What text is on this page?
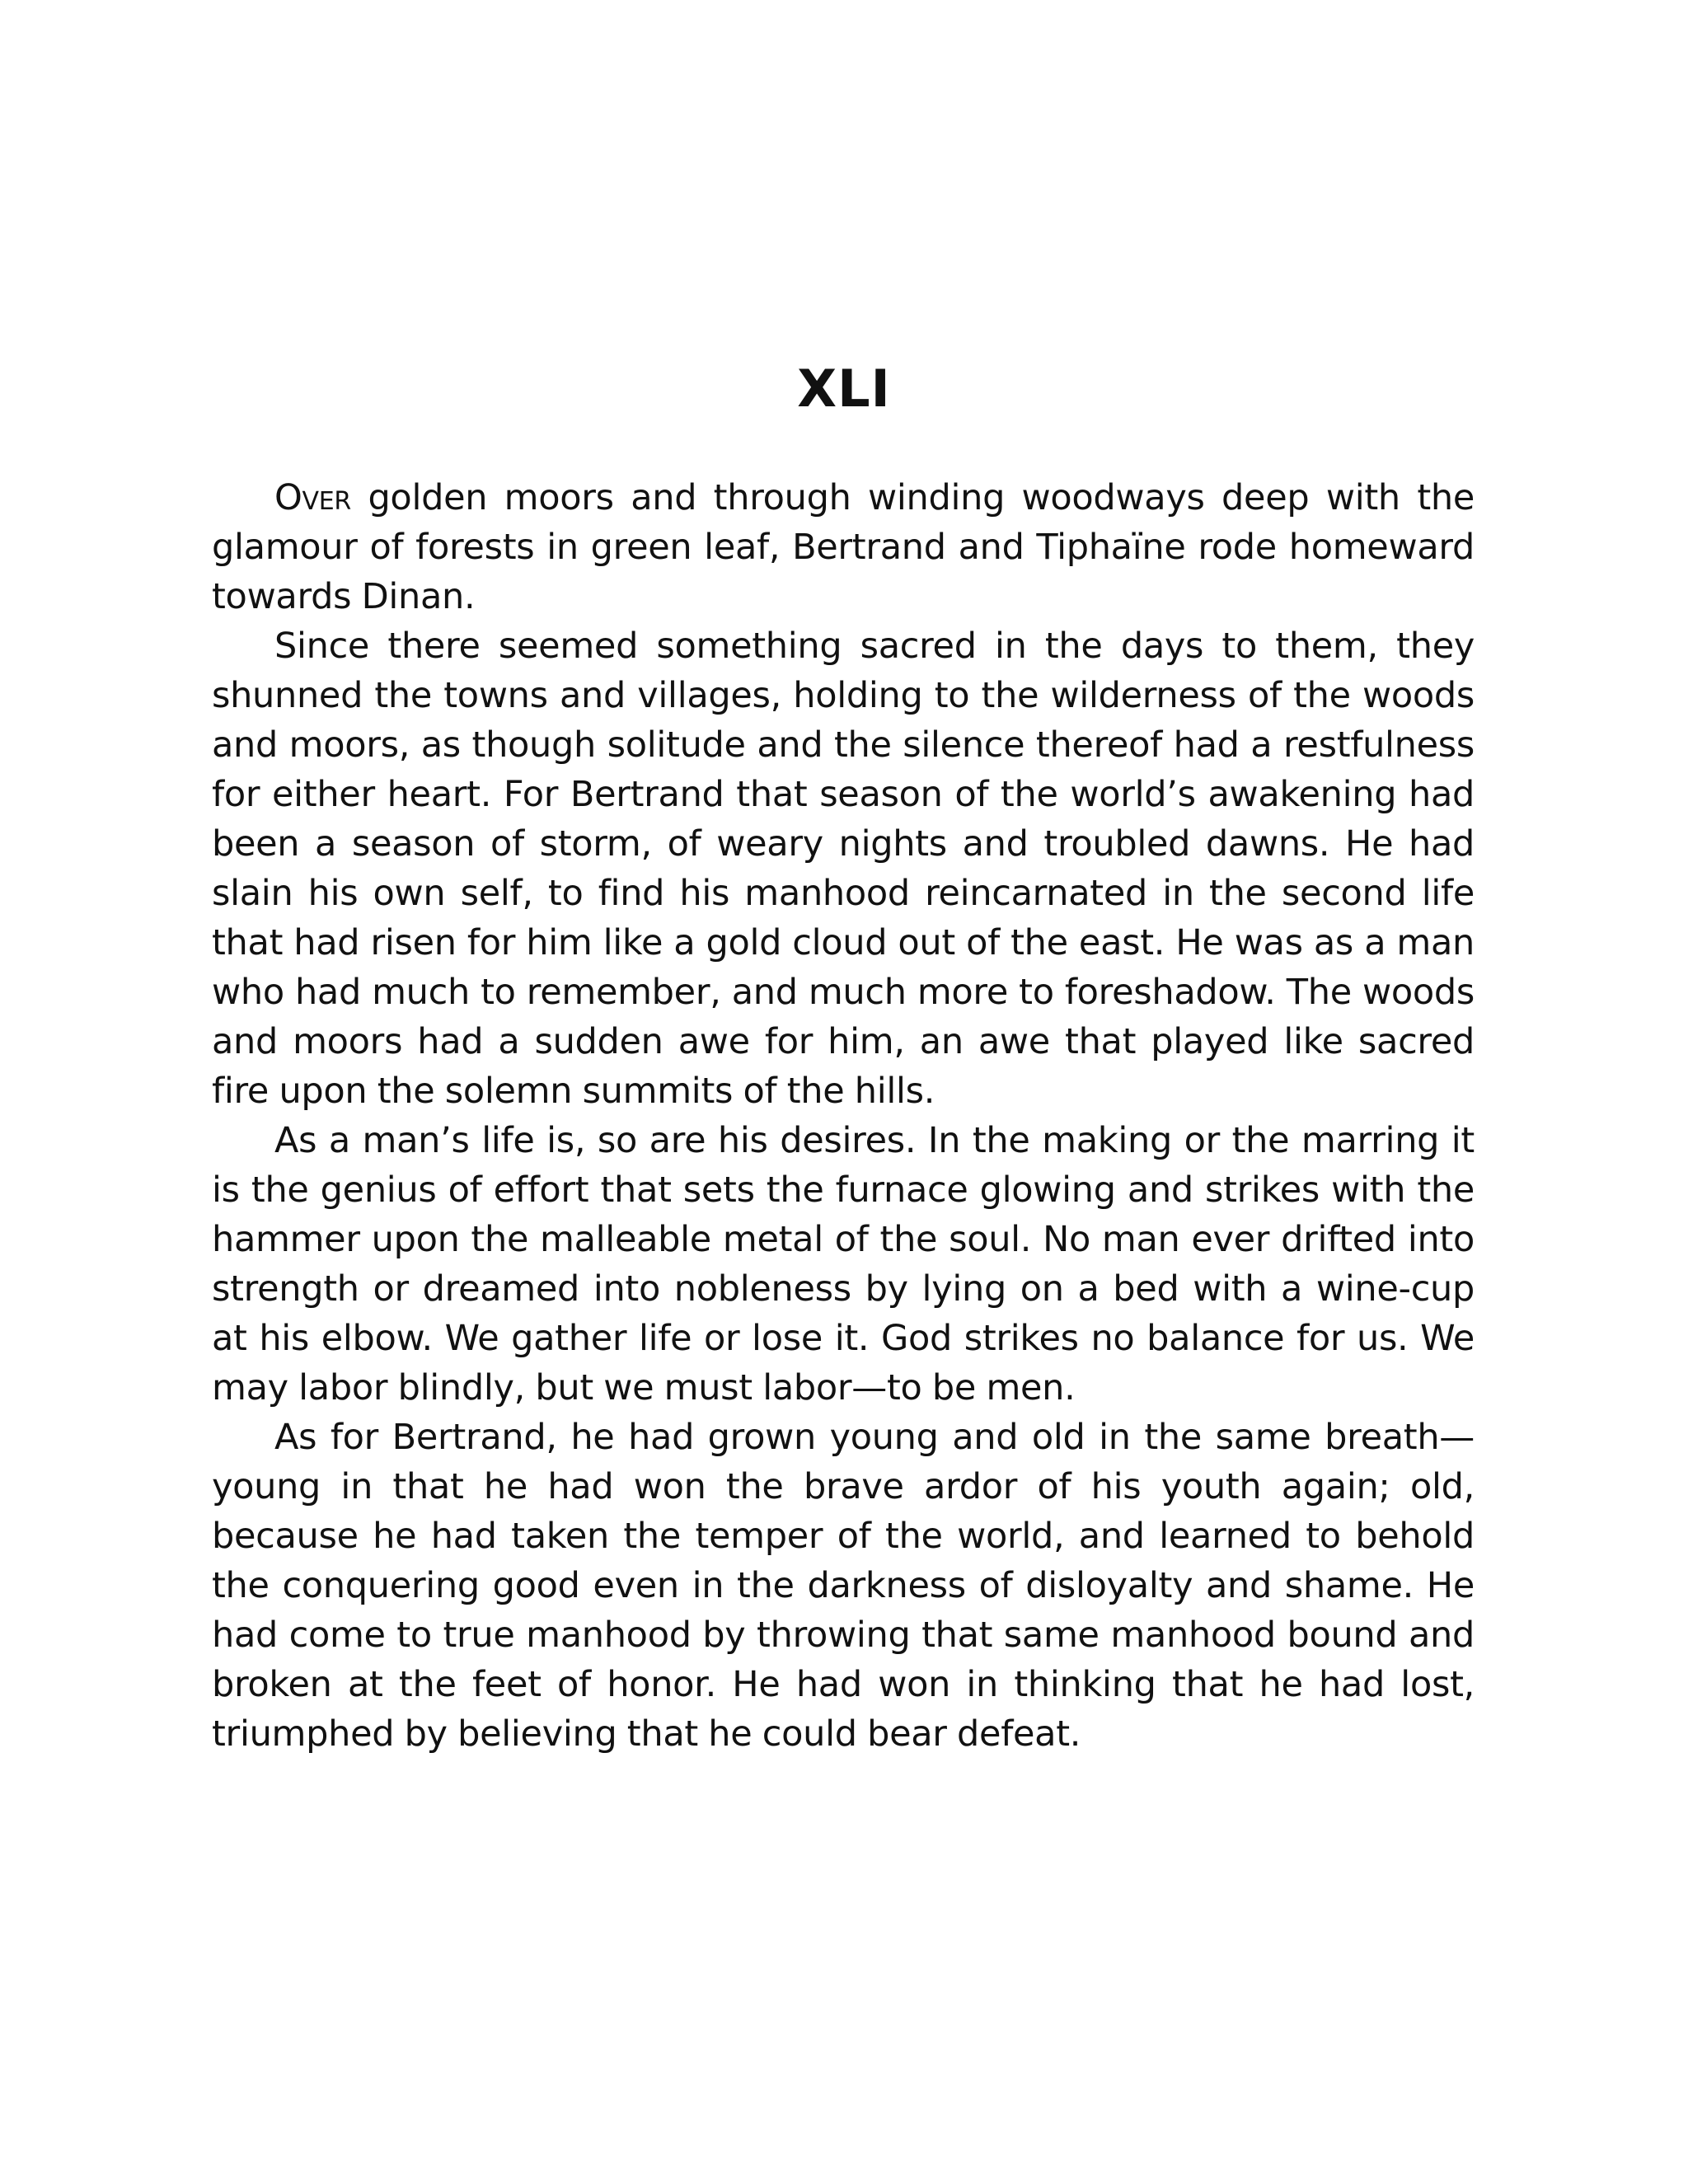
XLI

Over golden moors and through winding woodways deep with the glamour of forests in green leaf, Bertrand and Tiphaïne rode homeward towards Dinan.

Since there seemed something sacred in the days to them, they shunned the towns and villages, holding to the wilderness of the woods and moors, as though solitude and the silence thereof had a restfulness for either heart. For Bertrand that season of the world’s awakening had been a season of storm, of weary nights and troubled dawns. He had slain his own self, to find his manhood reincarnated in the second life that had risen for him like a gold cloud out of the east. He was as a man who had much to remember, and much more to foreshadow. The woods and moors had a sudden awe for him, an awe that played like sacred fire upon the solemn summits of the hills.

As a man’s life is, so are his desires. In the making or the marring it is the genius of effort that sets the furnace glowing and strikes with the hammer upon the malleable metal of the soul. No man ever drifted into strength or dreamed into nobleness by lying on a bed with a wine-cup at his elbow. We gather life or lose it. God strikes no balance for us. We may labor blindly, but we must labor—to be men.

As for Bertrand, he had grown young and old in the same breath—young in that he had won the brave ardor of his youth again; old, because he had taken the temper of the world, and learned to behold the conquering good even in the darkness of disloyalty and shame. He had come to true manhood by throwing that same manhood bound and broken at the feet of honor. He had won in thinking that he had lost, triumphed by believing that he could bear defeat.
